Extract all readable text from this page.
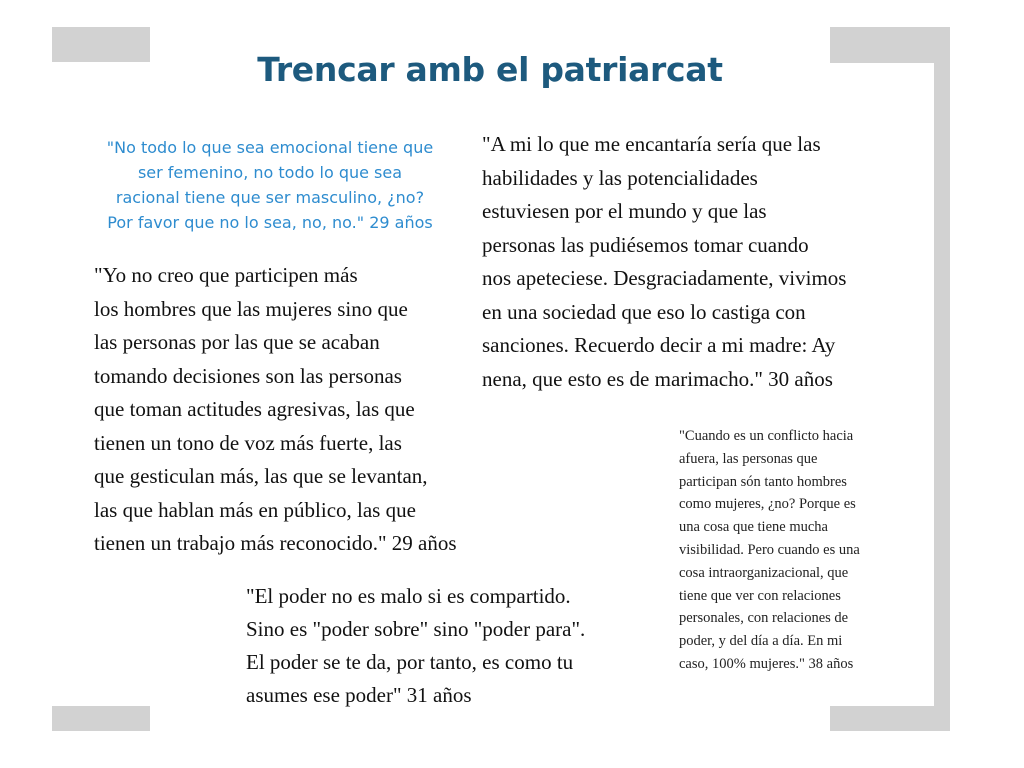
Trencar amb el patriarcat
"No todo lo que sea emocional tiene que
ser femenino, no todo lo que sea
racional tiene que ser masculino, ¿no?
Por favor que no lo sea, no, no." 29 años
"Yo no creo que participen más
los hombres que las mujeres sino que
las personas por las que se acaban
tomando decisiones son las personas
que toman actitudes agresivas, las que
tienen un tono de voz más fuerte, las
que gesticulan más, las que se levantan,
las que hablan más en público, las que
tienen un trabajo más reconocido." 29 años
"A mi lo que me encantaría sería que las
habilidades y las potencialidades
estuviesen por el mundo y que las
personas las pudiésemos tomar cuando
nos apeteciese. Desgraciadamente, vivimos
en una sociedad que eso lo castiga con
sanciones. Recuerdo decir a mi madre: Ay
nena, que esto es de marimacho." 30 años
"Cuando es un conflicto hacia
afuera, las personas que
participan són tanto hombres
como mujeres, ¿no? Porque es
una cosa que tiene mucha
visibilidad. Pero cuando es una
cosa intraorganizacional, que
tiene que ver con relaciones
personales, con relaciones de
poder, y del día a día. En mi
caso, 100% mujeres." 38 años
"El poder no es malo si es compartido.
Sino es "poder sobre" sino "poder para".
El poder se te da, por tanto, es como tu
asumes ese poder" 31 años
